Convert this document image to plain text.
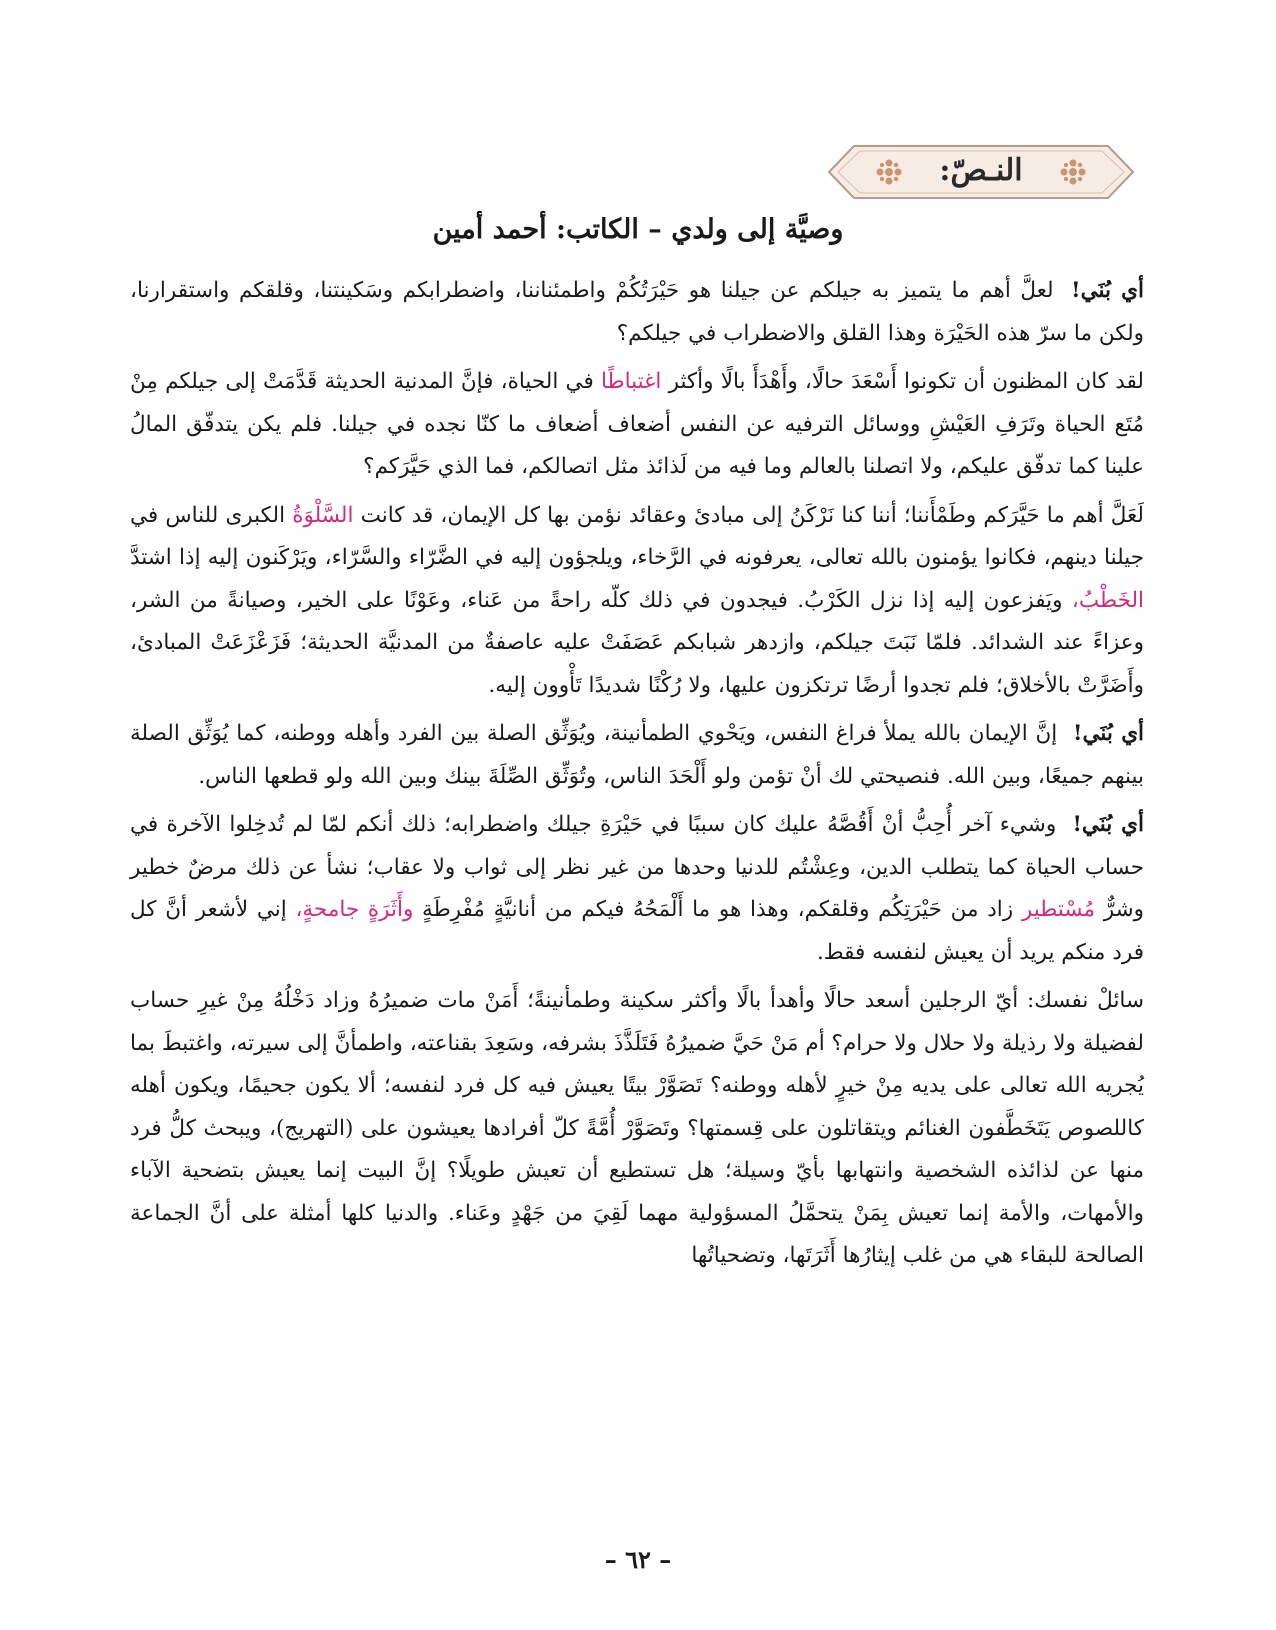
النـصّ:
وصيَّة إلى ولدي – الكاتب: أحمد أمين

أي بُنَي! لعلَّ أهم ما يتميز به جيلكم عن جيلنا هو حَيْرَتُكُمْ واطمئناننا، واضطرابكم وسَكينتنا، وقلقكم واستقرارنا، ولكن ما سرّ هذه الحَيْرَة وهذا القلق والاضطراب في جيلكم؟

لقد كان المظنون أن تكونوا أَسْعَدَ حالًا، وأَهْدَأَ بالًا وأكثر اغتباطًا في الحياة، فإنَّ المدنية الحديثة قَدَّمَتْ إلى جيلكم مِنْ مُتَع الحياة وتَرَفِ العَيْشِ ووسائل الترفيه عن النفس أضعاف أضعاف ما كنّا نجده في جيلنا. فلم يكن يتدفّق المالُ علينا كما تدفّق عليكم، ولا اتصلنا بالعالم وما فيه من لَذائذ مثل اتصالكم، فما الذي حَيَّرَكم؟

لَعَلَّ أهم ما حَيَّرَكم وطَمْأَننا؛ أننا كنا نَرْكَنُ إلى مبادئ وعقائد نؤمن بها كل الإيمان، قد كانت السَّلْوَةُ الكبرى للناس في جيلنا دينهم، فكانوا يؤمنون بالله تعالى، يعرفونه في الرَّخاء، ويلجؤون إليه في الضَّرّاء والسَّرّاء، ويَرْكَنون إليه إذا اشتدَّ الخَطْبُ، ويَفزعون إليه إذا نزل الكَرْبُ. فيجدون في ذلك كلّه راحةً من عَناء، وعَوْنًا على الخير، وصيانةً من الشر، وعزاءً عند الشدائد. فلمّا نَبَتَ جيلكم، وازدهر شبابكم عَصَفَتْ عليه عاصفةٌ من المدنيَّة الحديثة؛ فَزَعْزَعَتْ المبادئ، وأَضَرَّتْ بالأخلاق؛ فلم تجدوا أرضًا ترتكزون عليها، ولا رُكْنًا شديدًا تَأْوون إليه.

أي بُنَي! إنَّ الإيمان بالله يملأ فراغ النفس، ويَحْوي الطمأنينة، ويُوَثِّق الصلة بين الفرد وأهله ووطنه، كما يُوَثِّق الصلة بينهم جميعًا، وبين الله. فنصيحتي لك أنْ تؤمن ولو أَلْحَدَ الناس، وتُوَثِّق الصِّلَةَ بينك وبين الله ولو قطعها الناس.

أي بُنَي! وشيء آخر أُحِبُّ أنْ أَقُصَّهُ عليك كان سببًا في حَيْرَةِ جيلك واضطرابه؛ ذلك أنكم لمّا لم تُدخِلوا الآخرة في حساب الحياة كما يتطلب الدين، وعِشْتُم للدنيا وحدها من غير نظر إلى ثواب ولا عقاب؛ نشأ عن ذلك مرضٌ خطير وشرٌّ مُسْتطير زاد من حَيْرَتِكُم وقلقكم، وهذا هو ما أَلْمَحُهُ فيكم من أنانيَّةٍ مُفْرِطَةٍ وأَثَرَةٍ جامحةٍ، إني لأشعر أنَّ كل فرد منكم يريد أن يعيش لنفسه فقط.

سائلْ نفسك: أيّ الرجلين أسعد حالًا وأهدأ بالًا وأكثر سكينة وطمأنينةً؛ أَمَنْ مات ضميرُهُ وزاد دَخْلُهُ مِنْ غيرِ حساب لفضيلة ولا رذيلة ولا حلال ولا حرام؟ أم مَنْ حَيَّ ضميرُهُ فَتَلَذَّذَ بشرفه، وسَعِدَ بقناعته، واطمأنَّ إلى سيرته، واغتبطَ بما يُجريه الله تعالى على يديه مِنْ خيرٍ لأهله ووطنه؟ تَصَوَّرْ بيتًا يعيش فيه كل فرد لنفسه؛ ألا يكون جحيمًا، ويكون أهله كاللصوص يَتَخَطَّفون الغنائم ويتقاتلون على قِسمتها؟ وتَصَوَّرْ أُمَّةً كلّ أفرادها يعيشون على (التهريج)، ويبحث كلُّ فرد منها عن لذائذه الشخصية وانتهابها بأيّ وسيلة؛ هل تستطيع أن تعيش طويلًا؟ إنَّ البيت إنما يعيش بتضحية الآباء والأمهات، والأمة إنما تعيش بِمَنْ يتحمَّلُ المسؤولية مهما لَقِيَ من جَهْدٍ وعَناء. والدنيا كلها أمثلة على أنَّ الجماعة الصالحة للبقاء هي من غلب إيثارُها أَثَرَتَها، وتضحياتُها

– ٦٢ –
